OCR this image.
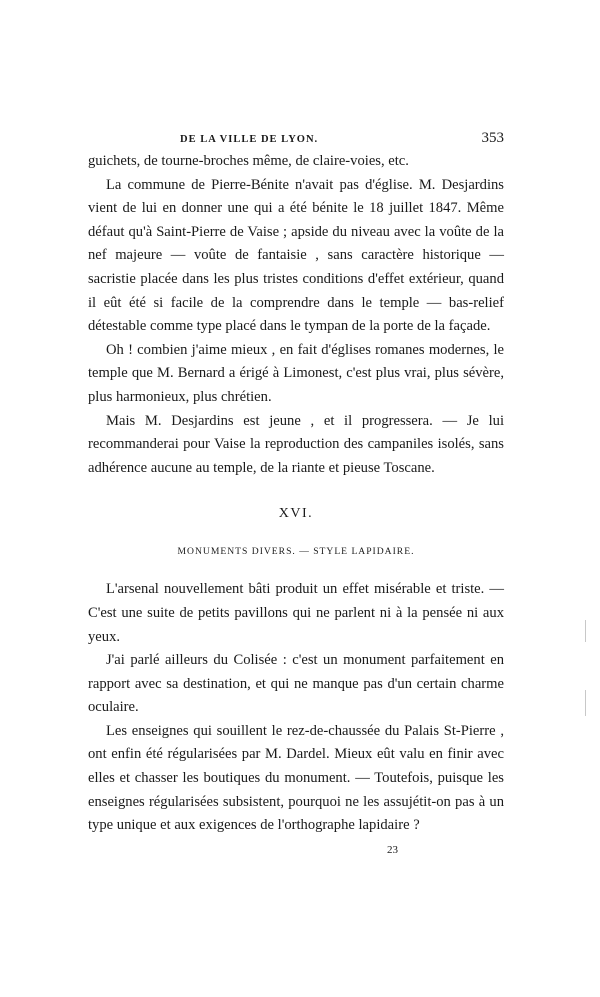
DE LA VILLE DE LYON.	353

guichets, de tourne-broches même, de claire-voies, etc.

La commune de Pierre-Bénite n'avait pas d'église. M. Desjardins vient de lui en donner une qui a été bénite le 18 juillet 1847. Même défaut qu'à Saint-Pierre de Vaise ; apside du niveau avec la voûte de la nef majeure — voûte de fantaisie , sans caractère historique — sacristie placée dans les plus tristes conditions d'effet extérieur, quand il eût été si facile de la comprendre dans le temple — bas-relief détestable comme type placé dans le tympan de la porte de la façade.

Oh ! combien j'aime mieux , en fait d'églises romanes modernes, le temple que M. Bernard a érigé à Limonest, c'est plus vrai, plus sévère, plus harmonieux, plus chrétien.

Mais M. Desjardins est jeune , et il progressera. — Je lui recommanderai pour Vaise la reproduction des campaniles isolés, sans adhérence aucune au temple, de la riante et pieuse Toscane.

XVI.
MONUMENTS DIVERS. — STYLE LAPIDAIRE.

L'arsenal nouvellement bâti produit un effet misérable et triste. — C'est une suite de petits pavillons qui ne parlent ni à la pensée ni aux yeux.

J'ai parlé ailleurs du Colisée : c'est un monument parfaitement en rapport avec sa destination, et qui ne manque pas d'un certain charme oculaire.

Les enseignes qui souillent le rez-de-chaussée du Palais St-Pierre , ont enfin été régularisées par M. Dardel. Mieux eût valu en finir avec elles et chasser les boutiques du monument. — Toutefois, puisque les enseignes régularisées subsistent, pourquoi ne les assujétit-on pas à un type unique et aux exigences de l'orthographe lapidaire ?

23
